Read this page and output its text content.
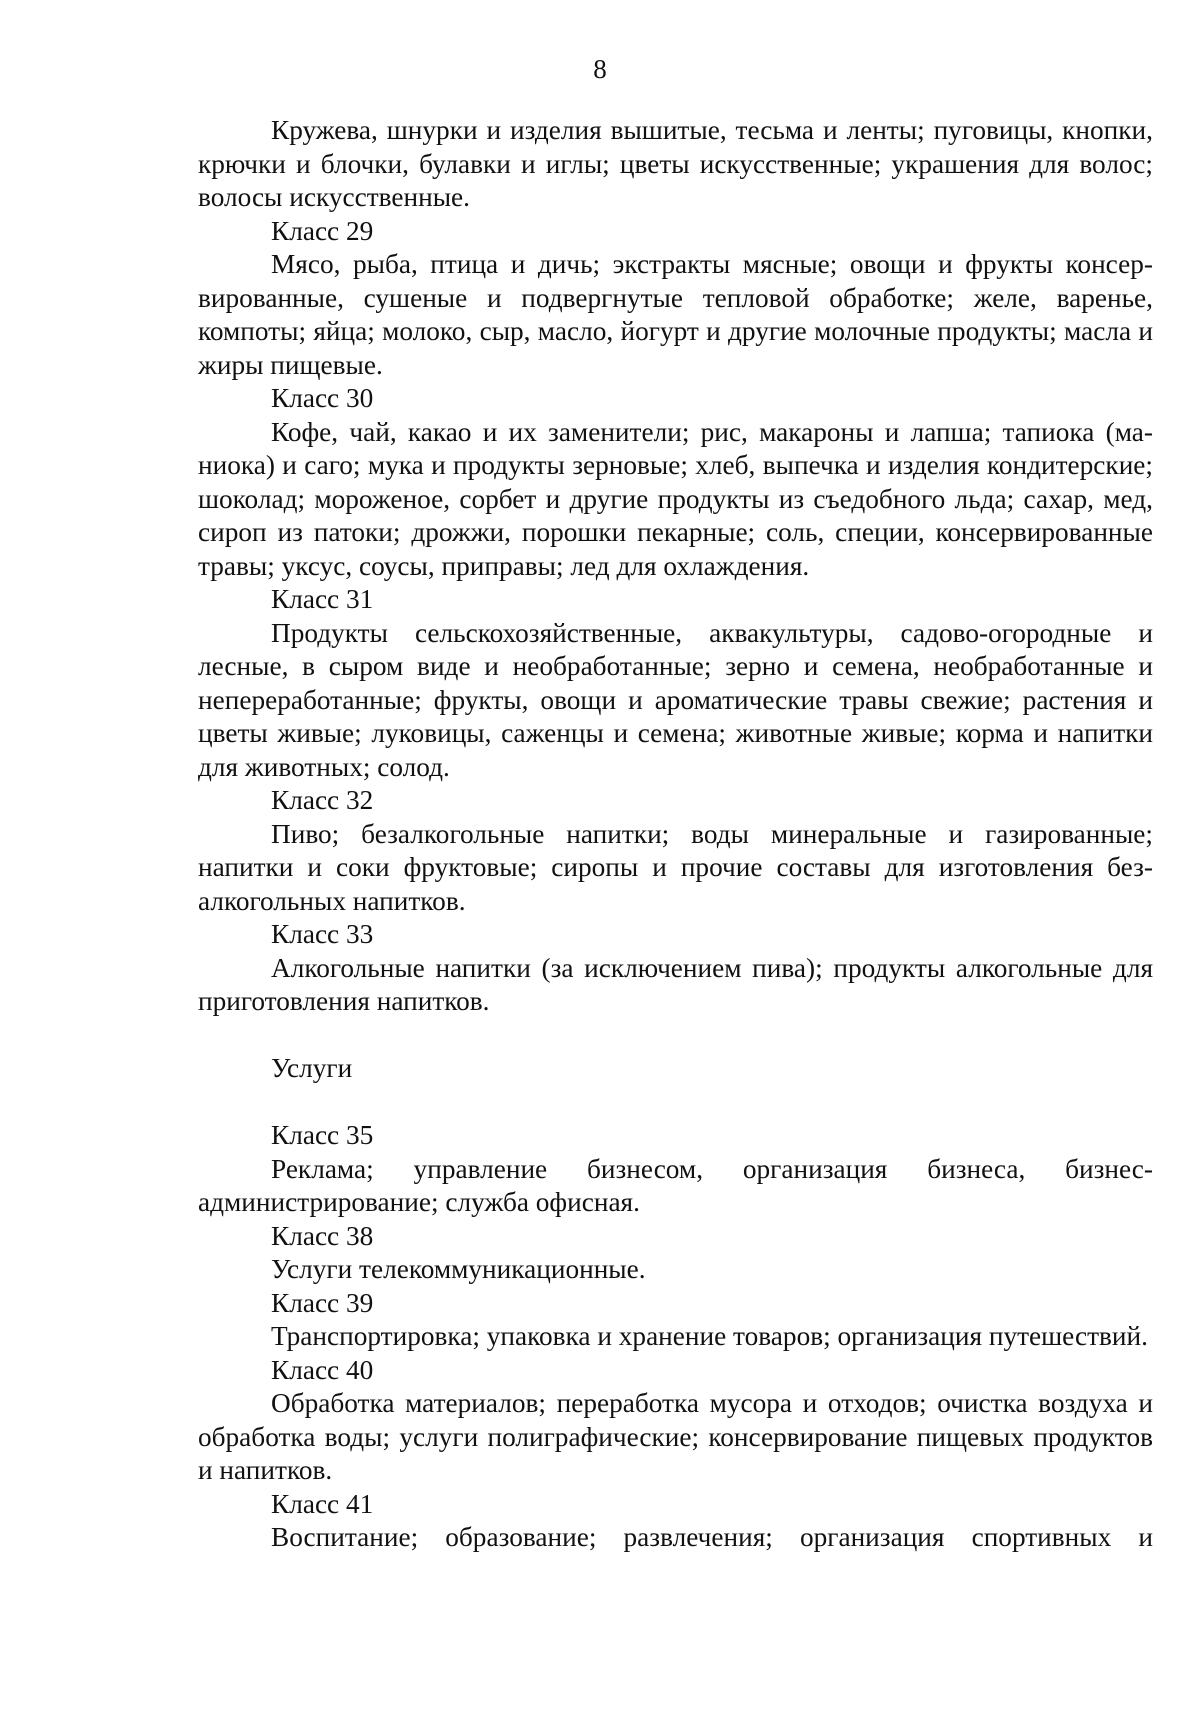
8

Кружева, шнурки и изделия вышитые, тесьма и ленты; пуговицы, кнопки, крючки и блочки, булавки и иглы; цветы искусственные; украшения для волос; волосы искусственные.

Класс 29

Мясо, рыба, птица и дичь; экстракты мясные; овощи и фрукты консервированные, сушеные и подвергнутые тепловой обработке; желе, варенье, компоты; яйца; молоко, сыр, масло, йогурт и другие молочные продукты; масла и жиры пищевые.

Класс 30

Кофе, чай, какао и их заменители; рис, макароны и лапша; тапиока (маниока) и саго; мука и продукты зерновые; хлеб, выпечка и изделия кондитерские; шоколад; мороженое, сорбет и другие продукты из съедобного льда; сахар, мед, сироп из патоки; дрожжи, порошки пекарные; соль, специи, консервированные травы; уксус, соусы, приправы; лед для охлаждения.

Класс 31

Продукты сельскохозяйственные, аквакультуры, садово-огородные и лесные, в сыром виде и необработанные; зерно и семена, необработанные и непереработанные; фрукты, овощи и ароматические травы свежие; растения и цветы живые; луковицы, саженцы и семена; животные живые; корма и напитки для животных; солод.

Класс 32

Пиво; безалкогольные напитки; воды минеральные и газированные; напитки и соки фруктовые; сиропы и прочие составы для изготовления безалкогольных напитков.

Класс 33

Алкогольные напитки (за исключением пива); продукты алкогольные для приготовления напитков.

Услуги

Класс 35

Реклама; управление бизнесом, организация бизнеса, бизнес-администрирование; служба офисная.

Класс 38

Услуги телекоммуникационные.

Класс 39

Транспортировка; упаковка и хранение товаров; организация путешествий.

Класс 40

Обработка материалов; переработка мусора и отходов; очистка воздуха и обработка воды; услуги полиграфические; консервирование пищевых продуктов и напитков.

Класс 41

Воспитание; образование; развлечения; организация спортивных и
